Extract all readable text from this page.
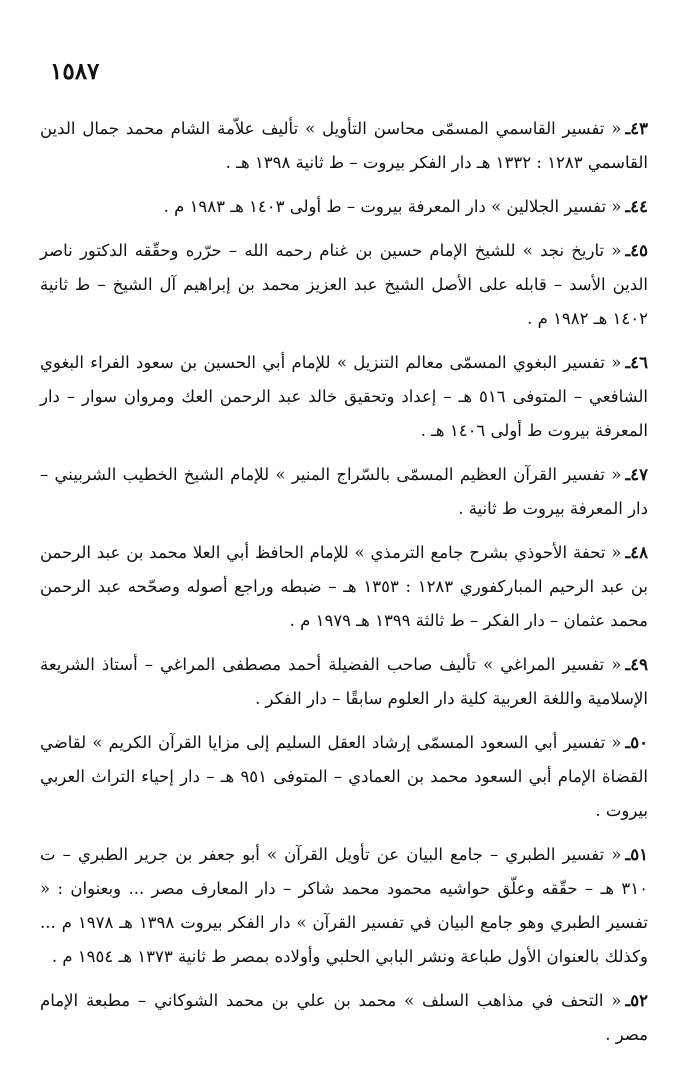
١٥٨٧

٤٣ـ« تفسير القاسمي المسمّى محاسن التأويل » تأليف علاّمة الشام محمد جمال الدين القاسمي ١٢٨٣ : ١٣٣٢ هـ دار الفكر بيروت – ط ثانية ١٣٩٨ هـ .

٤٤ـ« تفسير الجلالين » دار المعرفة بيروت – ط أولى ١٤٠٣ هـ ١٩٨٣ م .

٤٥ـ« تاريخ نجد » للشيخ الإمام حسين بن غنام رحمه الله – حرّره وحقّقه الدكتور ناصر الدين الأسد – قابله على الأصل الشيخ عبد العزيز محمد بن إبراهيم آل الشيخ – ط ثانية ١٤٠٢ هـ ١٩٨٢ م .

٤٦ـ« تفسير البغوي المسمّى معالم التنزيل » للإمام أبي الحسين بن سعود الفراء البغوي الشافعي – المتوفى ٥١٦ هـ – إعداد وتحقيق خالد عبد الرحمن العك ومروان سوار – دار المعرفة بيروت ط أولى ١٤٠٦ هـ .

٤٧ـ« تفسير القرآن العظيم المسمّى بالسّراج المنير » للإمام الشيخ الخطيب الشربيني – دار المعرفة بيروت ط ثانية .

٤٨ـ« تحفة الأحوذي بشرح جامع الترمذي » للإمام الحافظ أبي العلا محمد بن عبد الرحمن بن عبد الرحيم المباركفوري ١٢٨٣ : ١٣٥٣ هـ – ضبطه وراجع أصوله وصحّحه عبد الرحمن محمد عثمان – دار الفكر – ط ثالثة ١٣٩٩ هـ ١٩٧٩ م .

٤٩ـ« تفسير المراغي » تأليف صاحب الفضيلة أحمد مصطفى المراغي – أستاذ الشريعة الإسلامية واللغة العربية كلية دار العلوم سابقًا – دار الفكر .

٥٠ـ« تفسير أبي السعود المسمّى إرشاد العقل السليم إلى مزايا القرآن الكريم » لقاضي القضاة الإمام أبي السعود محمد بن العمادي – المتوفى ٩٥١ هـ – دار إحياء التراث العربي بيروت .

٥١ـ« تفسير الطبري – جامع البيان عن تأويل القرآن » أبو جعفر بن جرير الطبري – ت ٣١٠ هـ – حقّقه وعلّق حواشيه محمود محمد شاكر – دار المعارف مصر ... وبعنوان : « تفسير الطبري وهو جامع البيان في تفسير القرآن » دار الفكر بيروت ١٣٩٨ هـ ١٩٧٨ م ... وكذلك بالعنوان الأول طباعة ونشر البابي الحلبي وأولاده بمصر ط ثانية ١٣٧٣ هـ ١٩٥٤ م .

٥٢ـ« التحف في مذاهب السلف » محمد بن علي بن محمد الشوكاني – مطبعة الإمام مصر .
